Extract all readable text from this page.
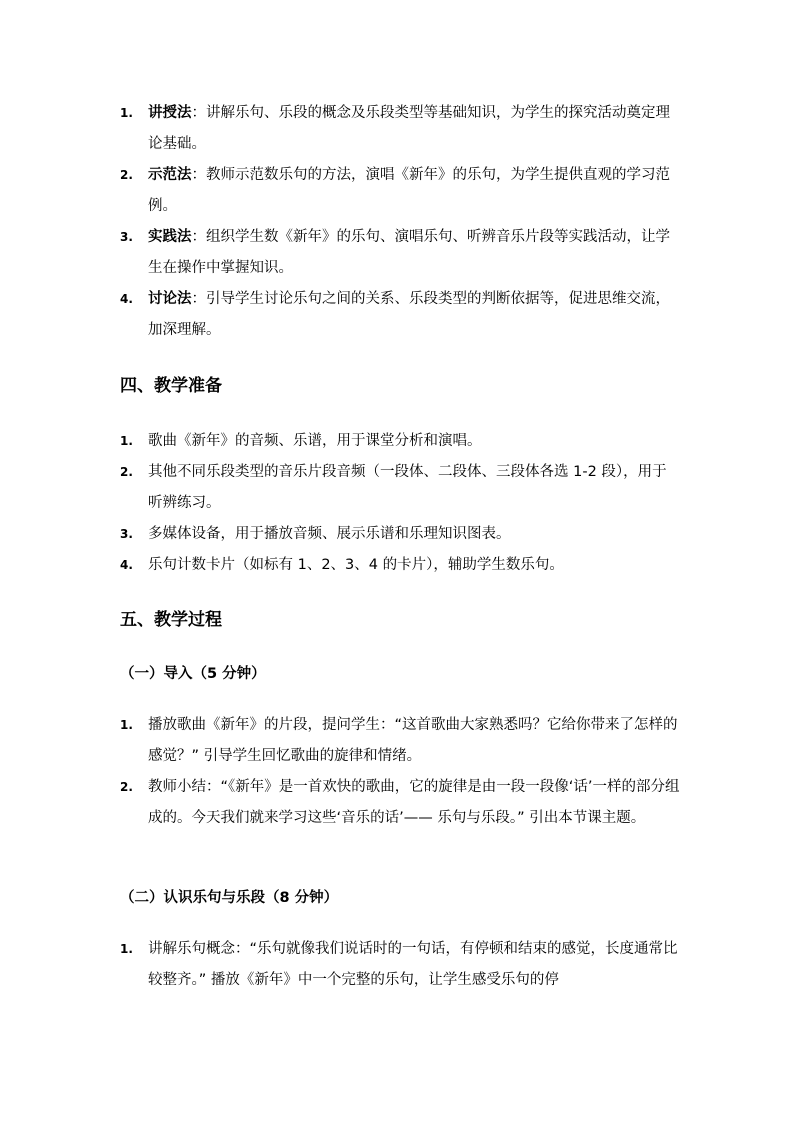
1. 讲授法：讲解乐句、乐段的概念及乐段类型等基础知识，为学生的探究活动奠定理论基础。
2. 示范法：教师示范数乐句的方法，演唱《新年》的乐句，为学生提供直观的学习范例。
3. 实践法：组织学生数《新年》的乐句、演唱乐句、听辨音乐片段等实践活动，让学生在操作中掌握知识。
4. 讨论法：引导学生讨论乐句之间的关系、乐段类型的判断依据等，促进思维交流，加深理解。
四、教学准备
1. 歌曲《新年》的音频、乐谱，用于课堂分析和演唱。
2. 其他不同乐段类型的音乐片段音频（一段体、二段体、三段体各选 1-2 段），用于听辨练习。
3. 多媒体设备，用于播放音频、展示乐谱和乐理知识图表。
4. 乐句计数卡片（如标有 1、2、3、4 的卡片），辅助学生数乐句。
五、教学过程
（一）导入（5 分钟）
1. 播放歌曲《新年》的片段，提问学生：“这首歌曲大家熟悉吗？它给你带来了怎样的感觉？” 引导学生回忆歌曲的旋律和情绪。
2. 教师小结：“《新年》是一首欢快的歌曲，它的旋律是由一段一段像‘话’一样的部分组成的。今天我们就来学习这些‘音乐的话’—— 乐句与乐段。” 引出本节课主题。
（二）认识乐句与乐段（8 分钟）
1. 讲解乐句概念：“乐句就像我们说话时的一句话，有停顿和结束的感觉，长度通常比较整齐。” 播放《新年》中一个完整的乐句，让学生感受乐句的停
